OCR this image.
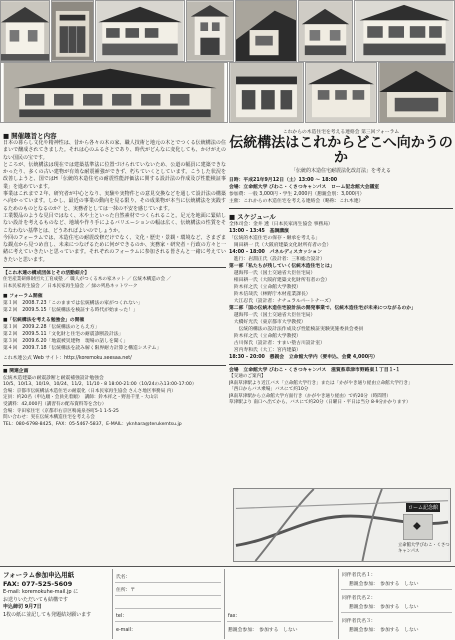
■ 開催趣旨と内容
日本の暮らし文化や精神性は、昔から各々の木の家、職人技術と地元の木とでつくる伝統構法の住まいで醸成されてきました。それは心のふるさとであり、時代がどんなに変化しても、かけがえのない国民の宝です。
ところが、伝統構法は現在では建築基準法に位置づけられていないため、公道の幅員に建築できなかったり、多くの古い建物が有効な耐震補強ができず、朽ちていくとしています。こうした状況を改善しようと、国ではH「伝統的木造住宅の耐震性能評価法に関する設計法の作成及び性能検証事業」を進めています。
事業はこれまで２年、研究者が中心となり、実験や実物件との意見交換などを通して設計法の構築へ向かっています。しかし、最近の事業の動向を見る限り、その成果物が本当に伝統構法を実践するためのものとなるのか？と、実務者としては一抹の不安を感じています。
工業製品のような見目ではなく、木や土といった自然素材でつくられること。足元を地面に緊結しない設計を考えるものなど、地域や作り手によるバリエーションの幅は広く、伝統構法の性質をそこなわない基準とは、どうあればよいのでしょうか。
今回のフォーラムでは、木造住宅の耐震改修だけでなく、文化・歴史・景観・環境など、さまざまな観点から見つめ直し、未来につなげるために何ができるのか、実務家・研究者・行政の方々と一緒に考えていきたいと思っています。それぞれのフォーラムに参加される皆さんと一緒に考えていきたいと思います。
【これ木連の構成団体とその活動紹介】
住宅産業研修財団大工育成塾 ／ 職人がつくる木の家ネット ／ 伝統木構造の会 ／
日本民家再生協会 ／ 日本民家再生協会 ／ 緑の列島ネットワーク
■ フォーラム開催
第１回　2008.7.23「このままでは伝統構法の家がつくれない」
第２回　2009.5.15「伝統構法を検証する時代が始まった！」
■「伝統構法を考える勉強会」の開催
第１回　2009.2.28「伝統構法のとらえ方」
第２回　2009.5.11「文化財と住宅の耐震診断設計法」
第３回　2009.6.20「地震被災建物　現場の話しを聞く」
第４回　2009.7.18「伝統構法を読み解く限界耐力計算と構造システム」
これ木連公式 Web サイト：http://koremoku.seesaa.net/
■ 関連企画
伝統木造建築の耐震診断と耐震補強設計勉強会
10/5、10/13、10/19、10/24、11/2、11/10・8 18:00-21:00（10/24のみ13:00-17:00）
会場：京都市伝統構法木造住宅の耐震化（日本民家再生協会 さんさ地区事務局 内）
定員：約20名（申込順・会員先着順）　講師：鈴木祥之・野島千里・大山宗
受講料：42,000円（講習有の配布資料等を含む）
会場：寺田家住宅（京都市右京区鳴滝泉谷町5-1 1-5-25
問い合わせ：実在伝統木構造住宅を考える会
TEL：080-6798-8425、FAX：05-5467-5837、E-MAIL：yknhara@terukemtsu.jp
これからの木造住宅を考える連絡会 第三回フォーラム
伝統構法はこれからどこへ向かうのか
「伝統的木造住宅耐震法化改訂法」を考える
日時：平成21年9月12日（土）13:00 ～ 18:00
会場：立命館大学 びわこ・くさつキャンパス　ローム記念館大会議室
参加費：一般 3,000円・学生 2,000円（懇親会別：3,000円）
主催：これからの木造住宅を考える連絡会（略称：これ木連）
■ スケジュール
全体司会：金井 透（日本民家再生協会 事務局）
13:00 - 13:45　基調講演
「伝統的木造住宅の保存・継承を考える」
　岡田耕一 氏（大阪府建築文化財所有者の会）
14:00 - 18:00　パネルディスカッション
　進行：岩淵正氏（設計者：三和総合設計）
第一部「私たちが残していく伝統木造住宅とは」
　越海邦一氏（国土交通省大臣住宅局）
　相田耕一氏（大阪府建築文化財所有者の会）
　鈴木祥之氏（立命館大学教授）
　鈴木信哉氏（林野庁木材産業課長）
　大江忍氏（設計者：ナチュラルパートナーズ）
第二部「国の伝統木造住宅設計法の開発事業で、伝統木造住宅が未来につながるのか」
　越海邦一氏（国土交通省大臣住宅局）
　大橋好光氏（東京都市大学教授）
　　伝統的構法の設計法作成及び性能検証実験実施委員会委員
　鈴木祥之氏（立命館大学教授）
　古川保氏（設計者：すまい塾古川設計室）
　宮内寿和氏（大工：宮内建築）
18:30 - 20:00　懇親会　立命館大学内（要申込、会費 4,000円）
会場　立命館大学 びわこ・くさつキャンパス　滋賀県草津市野路東１丁目１-１
【交通のご案内】
JR南草津駅より近江バス「立命館大学行き」または「かがやき通り経由立命館大学行き」
「西口からバス乗場」バスにて約10分
JR南草津駅から立命館大学方面行き（かがやき通り経由）で約20分（時間帯）
草津駅より 南口へ出てから、バスにて約20分（日曜日・平日は当分 8-9分かかります）
ローム記念館
立命館大学びわこ・くさつキャンパス
フォーラム参加申込用紙
FAX: 077-525-5609
E-mail: koremokuhe-mail.jp に
お送りいただいても結構です
申込締切 9月7日
1枚の紙に並記しても発題結対願います
氏名：
住所：〒
tel：
e-mail：
fax：
懇親会参加：　参加する　しない
同伴者氏名１：
懇親会参加：　参加する　しない
同伴者氏名２：
懇親会参加：　参加する　しない
同伴者氏名３：
懇親会参加：　参加する　しない
